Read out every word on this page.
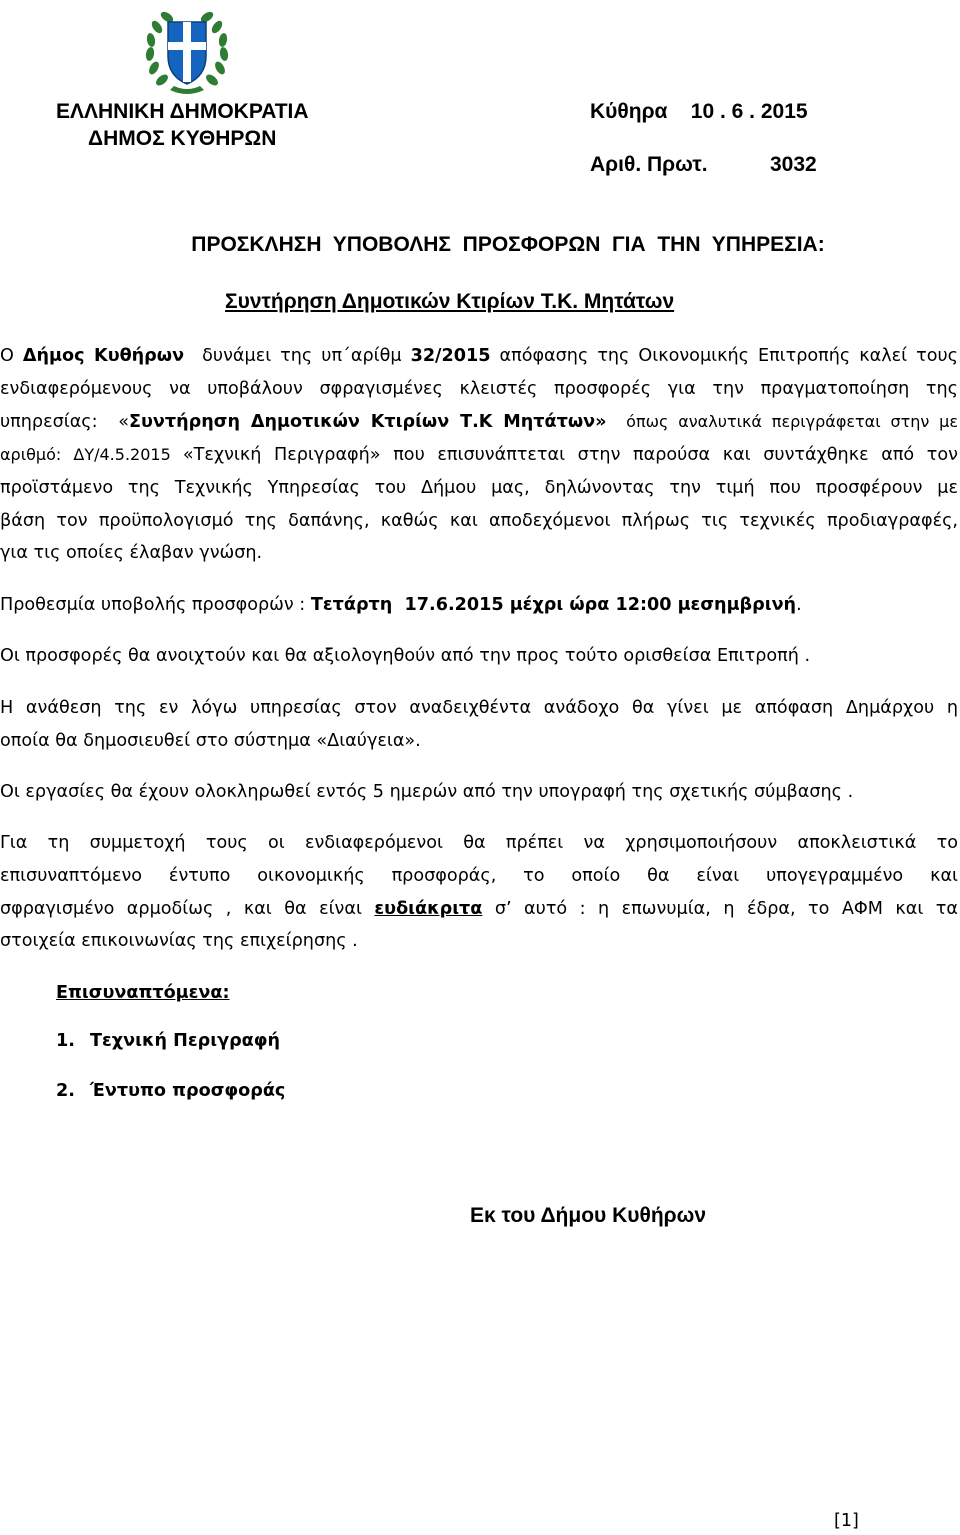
ΕΛΛΗΝΙΚΗ ΔΗΜΟΚΡΑΤΙΑ
ΔΗΜΟΣ ΚΥΘΗΡΩΝ
Κύθηρα    10 . 6 . 2015
Αριθ. Πρωτ.	3032
ΠΡΟΣΚΛΗΣΗ  ΥΠΟΒΟΛΗΣ  ΠΡΟΣΦΟΡΩΝ  ΓΙΑ  ΤΗΝ  ΥΠΗΡΕΣΙΑ:
Συντήρηση Δημοτικών Κτιρίων Τ.Κ. Μητάτων
Ο Δήμος Κυθήρων  δυνάμει της υπ΄αρίθμ 32/2015 απόφασης της Οικονομικής Επιτροπής καλεί τους
ενδιαφερόμενους να υποβάλουν σφραγισμένες κλειστές προσφορές για την πραγματοποίηση της
υπηρεσίας:  «Συντήρηση Δημοτικών Κτιρίων Τ.Κ Μητάτων»  όπως αναλυτικά περιγράφεται στην με
αριθμό: ΔΥ/4.5.2015 «Τεχνική Περιγραφή» που επισυνάπτεται στην παρούσα και συντάχθηκε από τον
προϊστάμενο της Τεχνικής Υπηρεσίας του Δήμου μας, δηλώνοντας την τιμή που προσφέρουν με
βάση τον προϋπολογισμό της δαπάνης, καθώς και αποδεχόμενοι πλήρως τις τεχνικές προδιαγραφές,
για τις οποίες έλαβαν γνώση.
Προθεσμία υποβολής προσφορών : Τετάρτη  17.6.2015 μέχρι ώρα 12:00 μεσημβρινή.
Οι προσφορές θα ανοιχτούν και θα αξιολογηθούν από την προς τούτο ορισθείσα Επιτροπή .
Η ανάθεση της εν λόγω υπηρεσίας στον αναδειχθέντα ανάδοχο θα γίνει με απόφαση Δημάρχου η
οποία θα δημοσιευθεί στο σύστημα «Διαύγεια».
Οι εργασίες θα έχουν ολοκληρωθεί εντός 5 ημερών από την υπογραφή της σχετικής σύμβασης .
Για τη συμμετοχή τους οι ενδιαφερόμενοι θα πρέπει να χρησιμοποιήσουν αποκλειστικά το
επισυναπτόμενο έντυπο οικονομικής προσφοράς, το οποίο θα είναι υπογεγραμμένο και
σφραγισμένο αρμοδίως , και θα είναι ευδιάκριτα σ’ αυτό : η επωνυμία, η έδρα, το ΑΦΜ και τα
στοιχεία επικοινωνίας της επιχείρησης .
Επισυναπτόμενα:
1. Τεχνική Περιγραφή
2. Έντυπο προσφοράς
Εκ του Δήμου Κυθήρων
[1]
